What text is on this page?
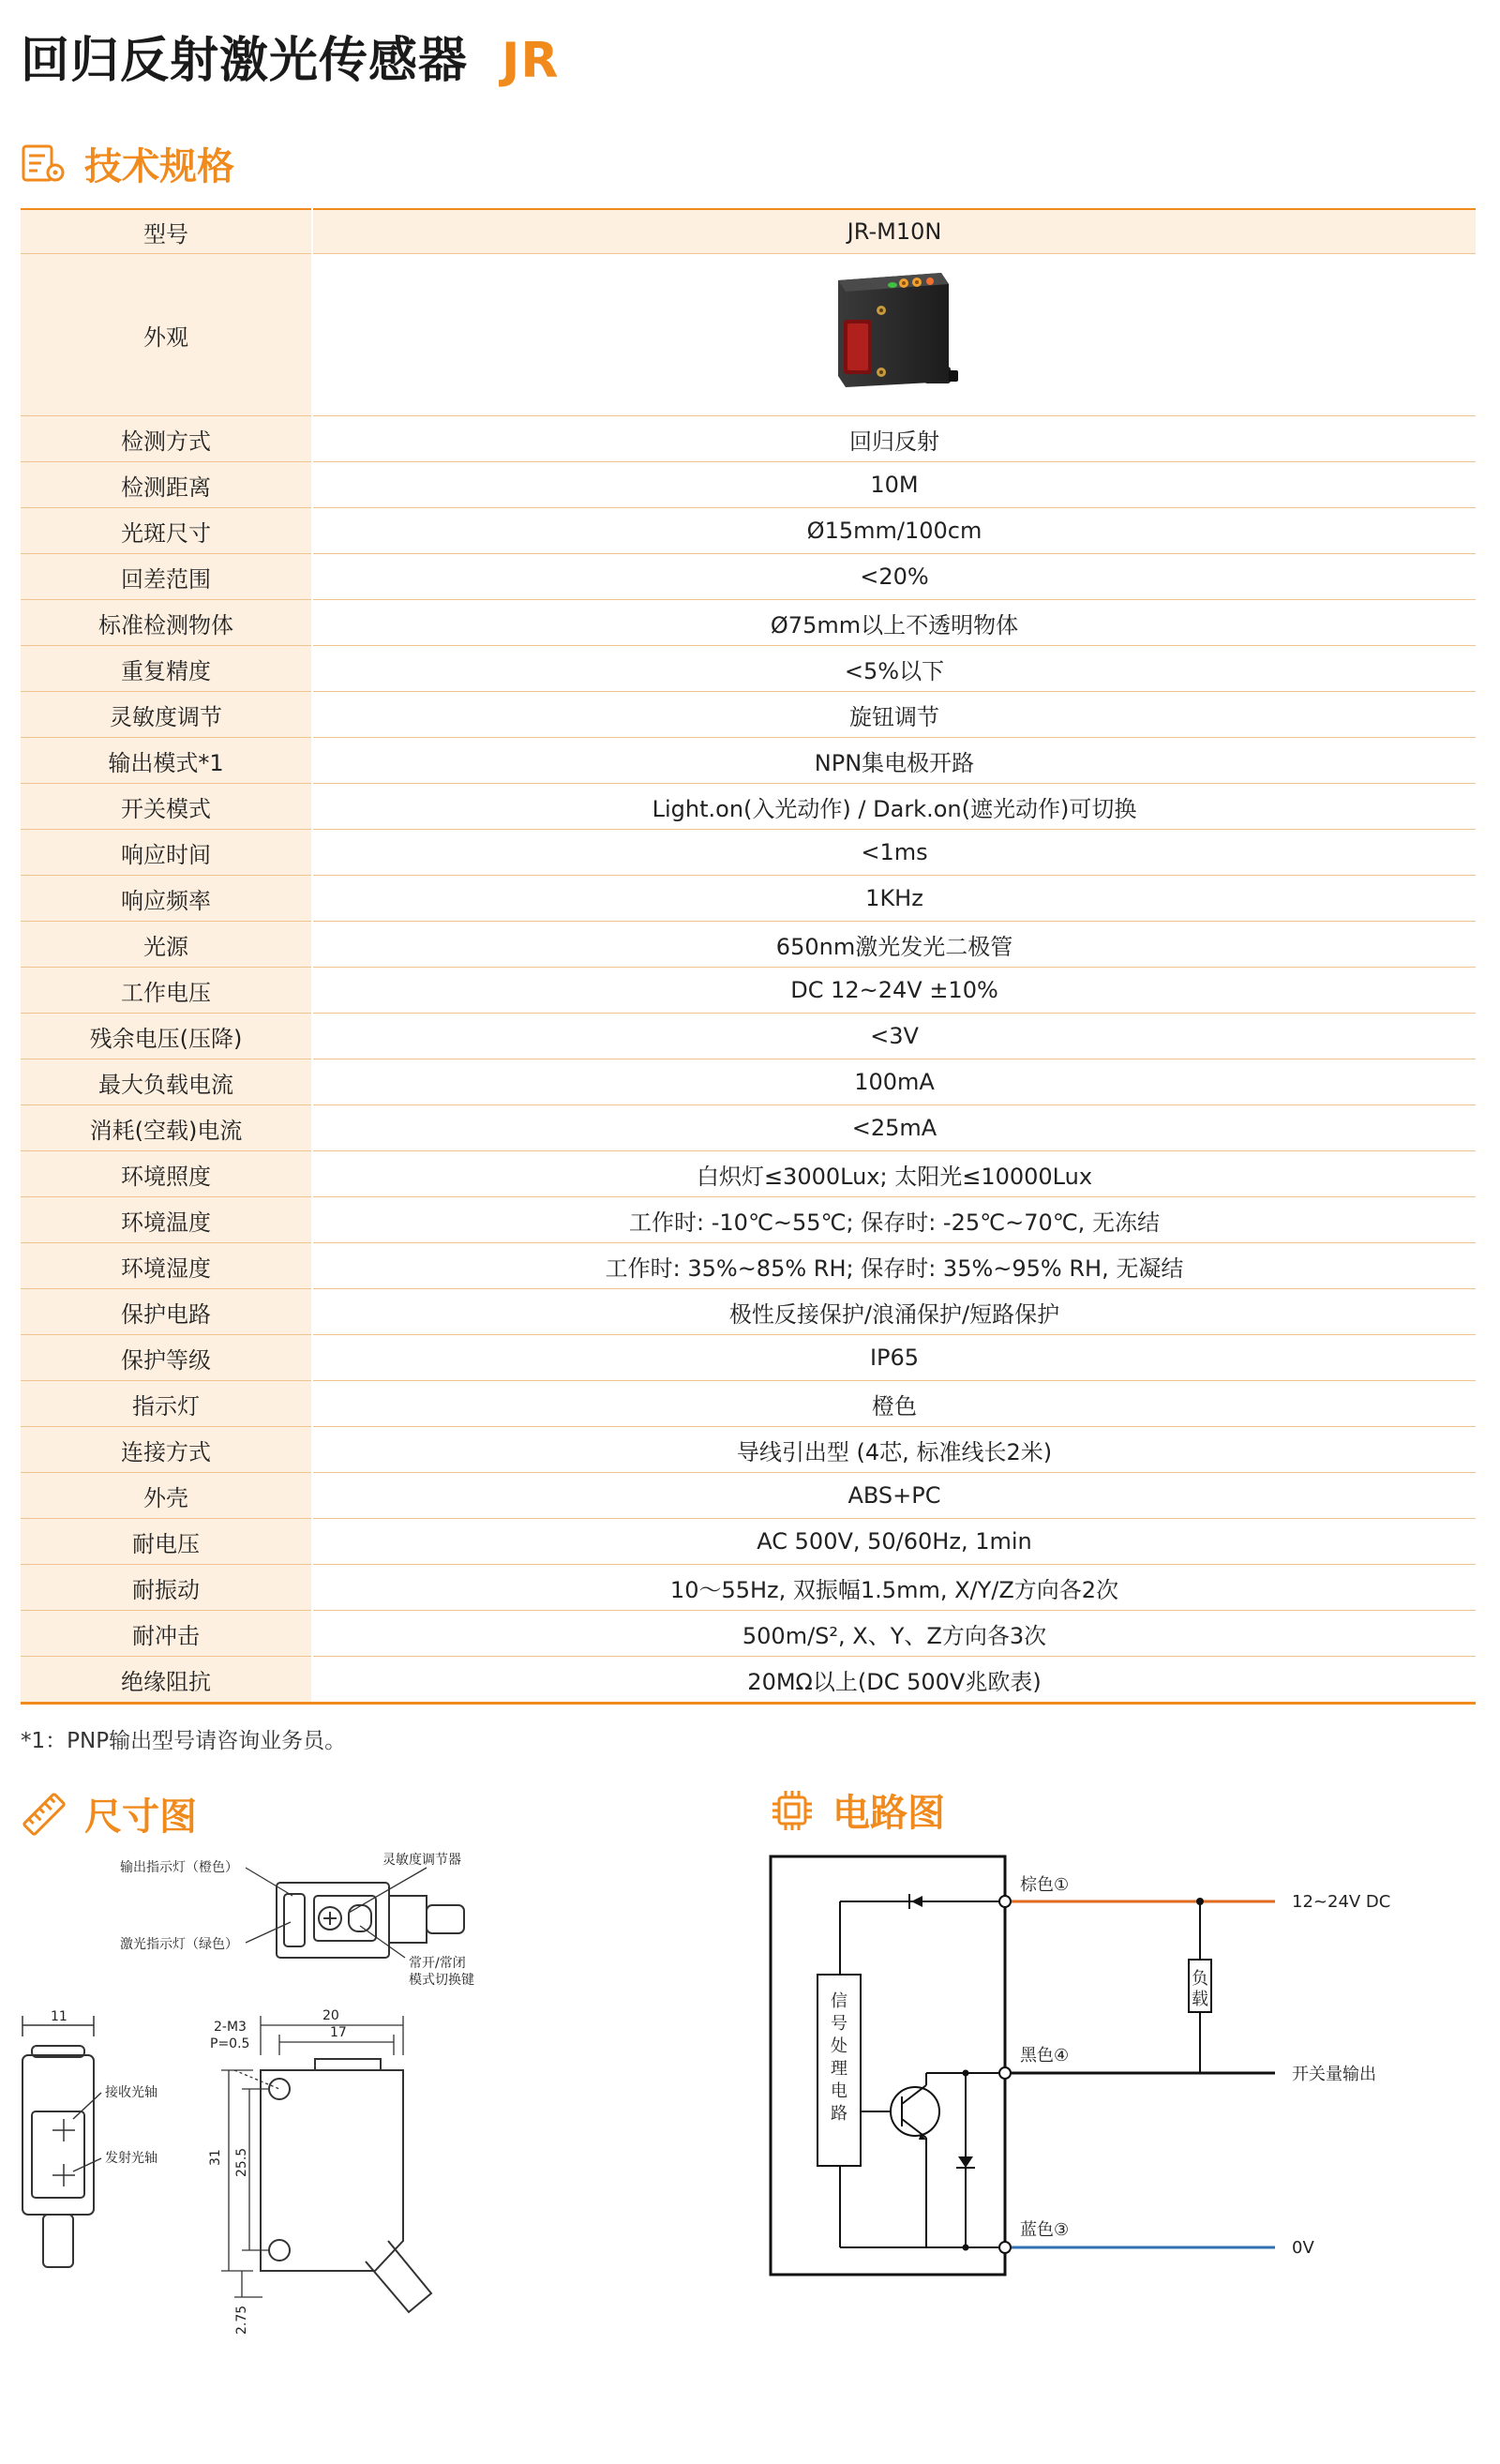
回归反射激光传感器 JR
技术规格
型号	JR-M10N
外观	
检测方式	回归反射
检测距离	10M
光斑尺寸	Ø15mm/100cm
回差范围	<20%
标准检测物体	Ø75mm以上不透明物体
重复精度	<5%以下
灵敏度调节	旋钮调节
输出模式*1	NPN集电极开路
开关模式	Light.on(入光动作) / Dark.on(遮光动作)可切换
响应时间	<1ms
响应频率	1KHz
光源	650nm激光发光二极管
工作电压	DC 12~24V ±10%
残余电压(压降)	<3V
最大负载电流	100mA
消耗(空载)电流	<25mA
环境照度	白炽灯≤3000Lux; 太阳光≤10000Lux
环境温度	工作时: -10℃~55℃; 保存时: -25℃~70℃, 无冻结
环境湿度	工作时: 35%~85% RH; 保存时: 35%~95% RH, 无凝结
保护电路	极性反接保护/浪涌保护/短路保护
保护等级	IP65
指示灯	橙色
连接方式	导线引出型 (4芯, 标准线长2米)
外壳	ABS+PC
耐电压	AC 500V, 50/60Hz, 1min
耐振动	10～55Hz, 双振幅1.5mm, X/Y/Z方向各2次
耐冲击	500m/S², X、Y、Z方向各3次
绝缘阻抗	20MΩ以上(DC 500V兆欧表)
*1：PNP输出型号请咨询业务员。
尺寸图	电路图
输出指示灯（橙色）	灵敏度调节器
激光指示灯（绿色）
常开/常闭
模式切换键
11
接收光轴
发射光轴
20
17
2-M3
P=0.5
31 25.5
2.75
棕色①
黑色④
蓝色③
12~24V DC
开关量输出
0V
负载
信号处理电路
